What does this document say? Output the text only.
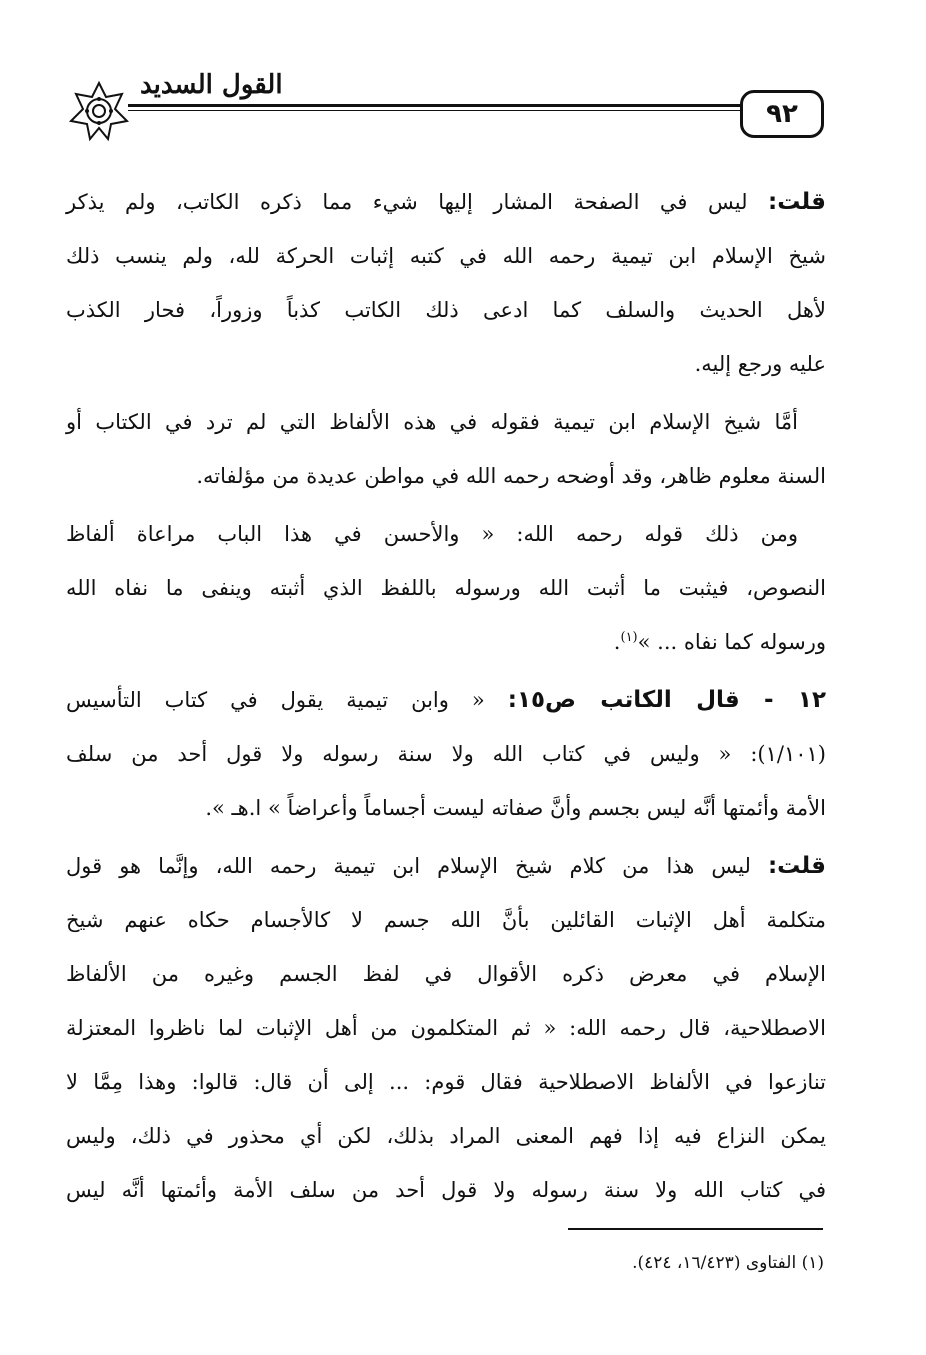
القول السديد
٩٢

قلت: ليس في الصفحة المشار إليها شيء مما ذكره الكاتب، ولم يذكر
شيخ الإسلام ابن تيمية رحمه الله في كتبه إثبات الحركة لله، ولم ينسب ذلك
لأهل الحديث والسلف كما ادعى ذلك الكاتب كذباً وزوراً، فحار الكذب
عليه ورجع إليه.

أمَّا شيخ الإسلام ابن تيمية فقوله في هذه الألفاظ التي لم ترد في الكتاب أو
السنة معلوم ظاهر، وقد أوضحه رحمه الله في مواطن عديدة من مؤلفاته.

ومن ذلك قوله رحمه الله: « والأحسن في هذا الباب مراعاة ألفاظ
النصوص، فيثبت ما أثبت الله ورسوله باللفظ الذي أثبته وينفى ما نفاه الله
ورسوله كما نفاه ... »$^{(١)}$.

١٢ - قال الكاتب ص١٥: « وابن تيمية يقول في كتاب التأسيس
(١/١٠١): « وليس في كتاب الله ولا سنة رسوله ولا قول أحد من سلف
الأمة وأئمتها أنَّه ليس بجسم وأنَّ صفاته ليست أجساماً وأعراضاً » ا.هـ ».

قلت: ليس هذا من كلام شيخ الإسلام ابن تيمية رحمه الله، وإنَّما هو قول
متكلمة أهل الإثبات القائلين بأنَّ الله جسم لا كالأجسام حكاه عنهم شيخ
الإسلام في معرض ذكره الأقوال في لفظ الجسم وغيره من الألفاظ
الاصطلاحية، قال رحمه الله: « ثم المتكلمون من أهل الإثبات لما ناظروا المعتزلة
تنازعوا في الألفاظ الاصطلاحية فقال قوم: ... إلى أن قال: قالوا: وهذا مِمَّا لا
يمكن النزاع فيه إذا فهم المعنى المراد بذلك، لكن أي محذور في ذلك، وليس
في كتاب الله ولا سنة رسوله ولا قول أحد من سلف الأمة وأئمتها أنَّه ليس

(١) الفتاوى (١٦/٤٢٣، ٤٢٤).
